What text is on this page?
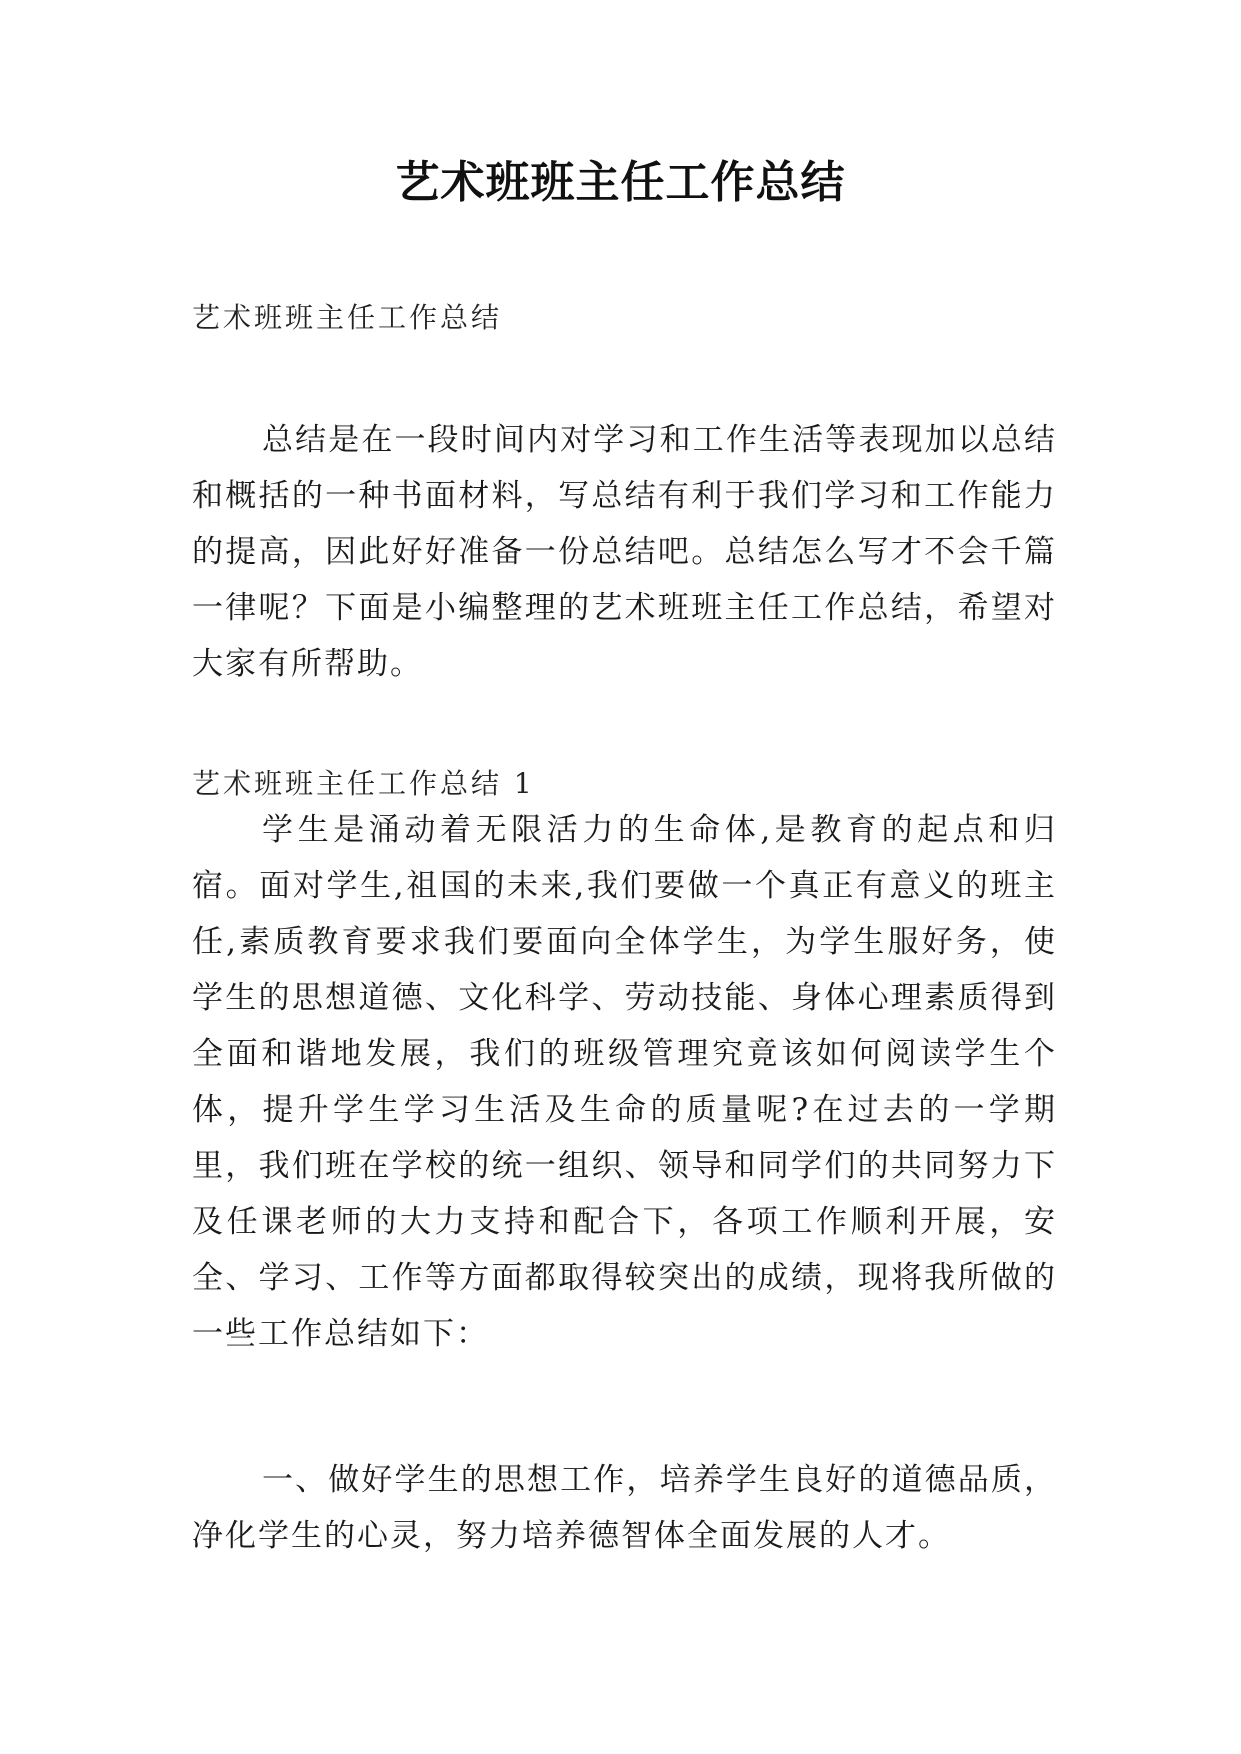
艺术班班主任工作总结

艺术班班主任工作总结

总结是在一段时间内对学习和工作生活等表现加以总结和概括的一种书面材料，写总结有利于我们学习和工作能力的提高，因此好好准备一份总结吧。总结怎么写才不会千篇一律呢？下面是小编整理的艺术班班主任工作总结，希望对大家有所帮助。

艺术班班主任工作总结 1

学生是涌动着无限活力的生命体,是教育的起点和归宿。面对学生,祖国的未来,我们要做一个真正有意义的班主任,素质教育要求我们要面向全体学生，为学生服好务，使学生的思想道德、文化科学、劳动技能、身体心理素质得到全面和谐地发展，我们的班级管理究竟该如何阅读学生个体，提升学生学习生活及生命的质量呢?在过去的一学期里，我们班在学校的统一组织、领导和同学们的共同努力下及任课老师的大力支持和配合下，各项工作顺利开展，安全、学习、工作等方面都取得较突出的成绩，现将我所做的一些工作总结如下：

一、做好学生的思想工作，培养学生良好的道德品质，净化学生的心灵，努力培养德智体全面发展的人才。
